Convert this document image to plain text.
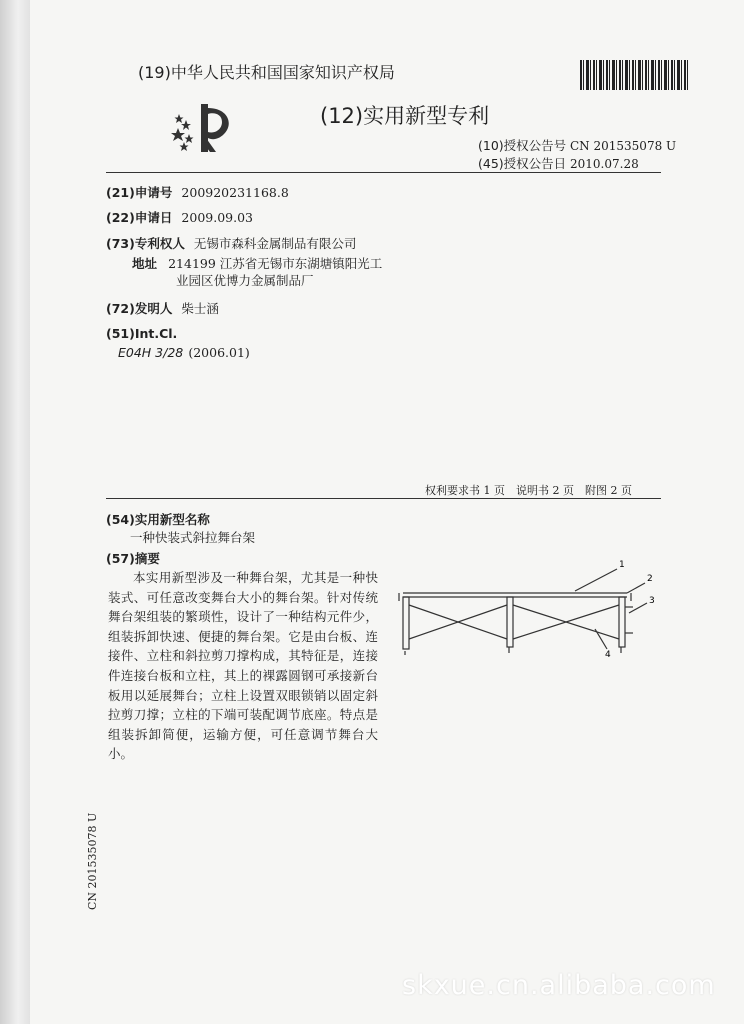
(19)中华人民共和国国家知识产权局
(12)实用新型专利
(10)授权公告号 CN 201535078 U
(45)授权公告日 2010.07.28
(21)申请号 200920231168.8
(22)申请日 2009.09.03
(73)专利权人 无锡市森科金属制品有限公司
地址 214199 江苏省无锡市东湖塘镇阳光工
业园区优博力金属制品厂
(72)发明人 柴士涵
(51)Int.Cl.
E04H 3/28 (2006.01)
权利要求书 1 页　说明书 2 页　附图 2 页
(54)实用新型名称
一种快装式斜拉舞台架
(57)摘要

本实用新型涉及一种舞台架，尤其是一种快装式、可任意改变舞台大小的舞台架。针对传统舞台架组装的繁琐性，设计了一种结构元件少，组装拆卸快速、便捷的舞台架。它是由台板、连接件、立柱和斜拉剪刀撑构成，其特征是，连接件连接台板和立柱，其上的裸露圆钢可承接新台板用以延展舞台；立柱上设置双眼锁销以固定斜拉剪刀撑；立柱的下端可装配调节底座。特点是组装拆卸简便，运输方便，可任意调节舞台大小。

1
2
3
4
CN 201535078 U
skxue.cn.alibaba.com
